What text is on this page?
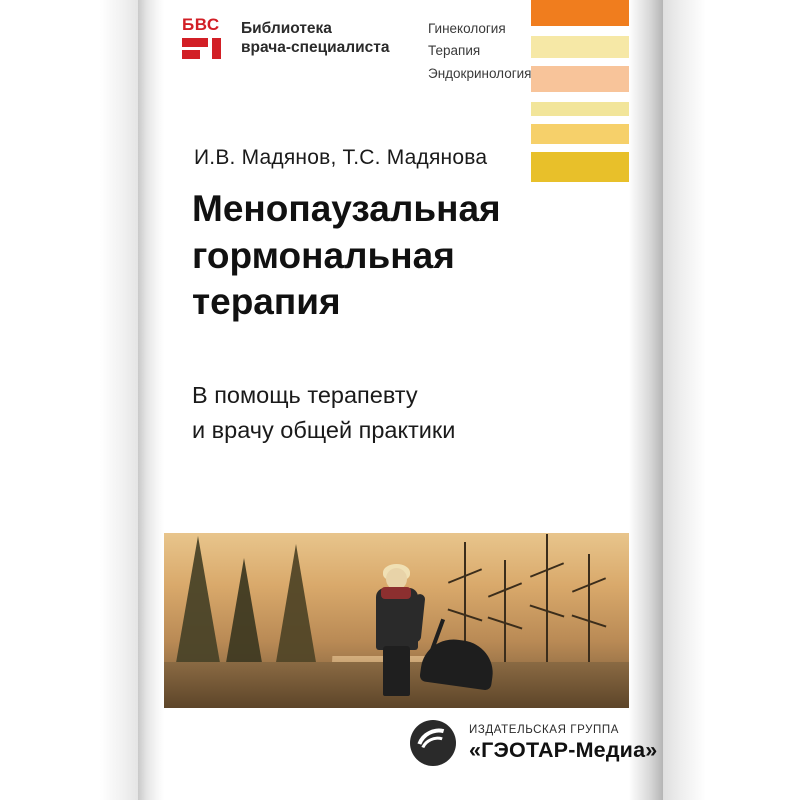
БВС	Библиотека
врача-специалиста
Гинекология
Терапия
Эндокринология
И.В. Мадянов, Т.С. Мадянова
Менопаузальная
гормональная
терапия
В помощь терапевту
и врачу общей практики
ИЗДАТЕЛЬСКАЯ ГРУППА
«ГЭОТАР-Медиа»
